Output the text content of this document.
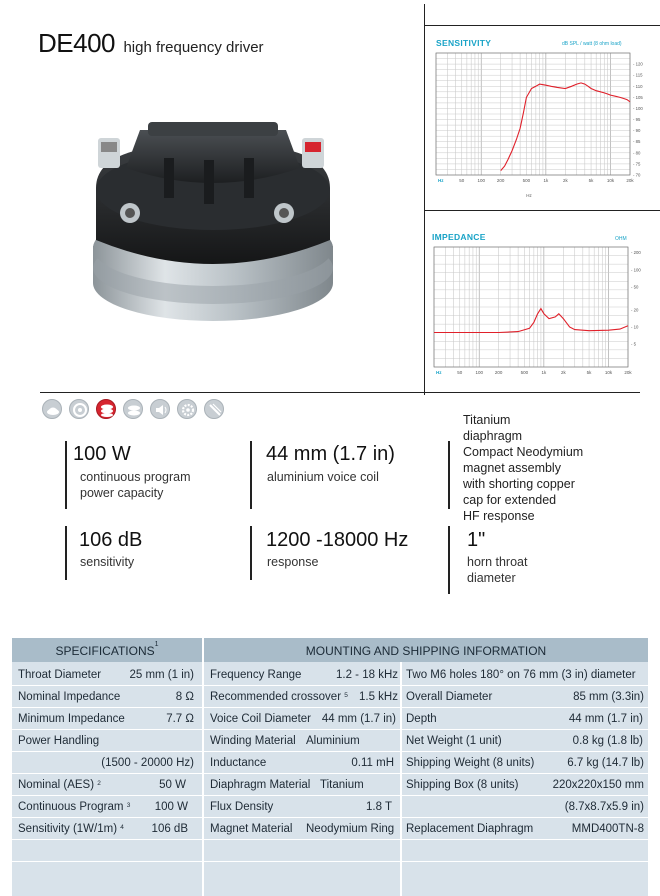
DE400 high frequency driver	SENSITIVITY	dB SPL / watt (8 ohm load)
50	100	200	500	1k	2k	5k	10k	20k
Hz
- 120
- 115
- 110
- 105
- 100
- 95
- 90
- 85
- 80
- 75
- 70
Hz
IMPEDANCE	OHM
50	100	200	500	1k	2k	5k	10k	20k
Hz
- 200
- 100
- 50
- 20
- 10
- 5
100 W
continuous program
power capacity
44 mm (1.7 in)
aluminium voice coil
Titanium
diaphragm
Compact Neodymium
magnet assembly
with shorting copper
cap for extended
HF response
106 dB
sensitivity
1200 -18000 Hz
response
1"
horn throat
diameter
SPECIFICATIONS$^1$	MOUNTING AND SHIPPING INFORMATION
Throat Diameter	25 mm (1 in)
Nominal Impedance	8 Ω
Minimum Impedance	7.7 Ω
Power Handling
(1500 - 20000 Hz)
Nominal (AES) $^2$	50 W
Continuous Program $^3$	100 W
Sensitivity (1W/1m) $^4$	106 dB
Frequency Range	1.2 - 18 kHz
Recommended crossover $^5$ 1.5 kHz
Voice Coil Diameter 44 mm (1.7 in)
Winding Material Aluminium
Inductance	0.11 mH
Diaphragm Material Titanium
Flux Density	1.8 T
Magnet Material Neodymium Ring
Two M6 holes 180° on 76 mm (3 in) diameter
Overall Diameter	85 mm (3.3in)
Depth	44 mm (1.7 in)
Net Weight (1 unit)	0.8 kg (1.8 lb)
Shipping Weight (8 units)	6.7 kg (14.7 lb)
Shipping Box (8 units)	220x220x150 mm
(8.7x8.7x5.9 in)
Replacement Diaphragm	MMD400TN-8
